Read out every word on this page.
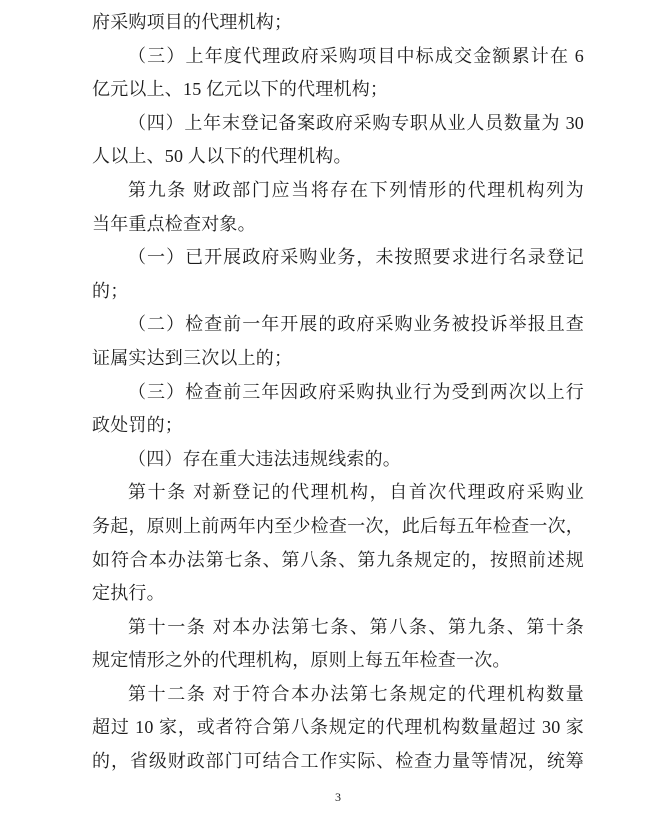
府采购项目的代理机构；
（三）上年度代理政府采购项目中标成交金额累计在 6
亿元以上、15 亿元以下的代理机构；
（四）上年末登记备案政府采购专职从业人员数量为 30
人以上、50 人以下的代理机构。
第九条 财政部门应当将存在下列情形的代理机构列为
当年重点检查对象。
（一）已开展政府采购业务，未按照要求进行名录登记
的；
（二）检查前一年开展的政府采购业务被投诉举报且查
证属实达到三次以上的；
（三）检查前三年因政府采购执业行为受到两次以上行
政处罚的；
（四）存在重大违法违规线索的。
第十条 对新登记的代理机构，自首次代理政府采购业
务起，原则上前两年内至少检查一次，此后每五年检查一次，
如符合本办法第七条、第八条、第九条规定的，按照前述规
定执行。
第十一条 对本办法第七条、第八条、第九条、第十条
规定情形之外的代理机构，原则上每五年检查一次。
第十二条 对于符合本办法第七条规定的代理机构数量
超过 10 家，或者符合第八条规定的代理机构数量超过 30 家
的，省级财政部门可结合工作实际、检查力量等情况，统筹
3
